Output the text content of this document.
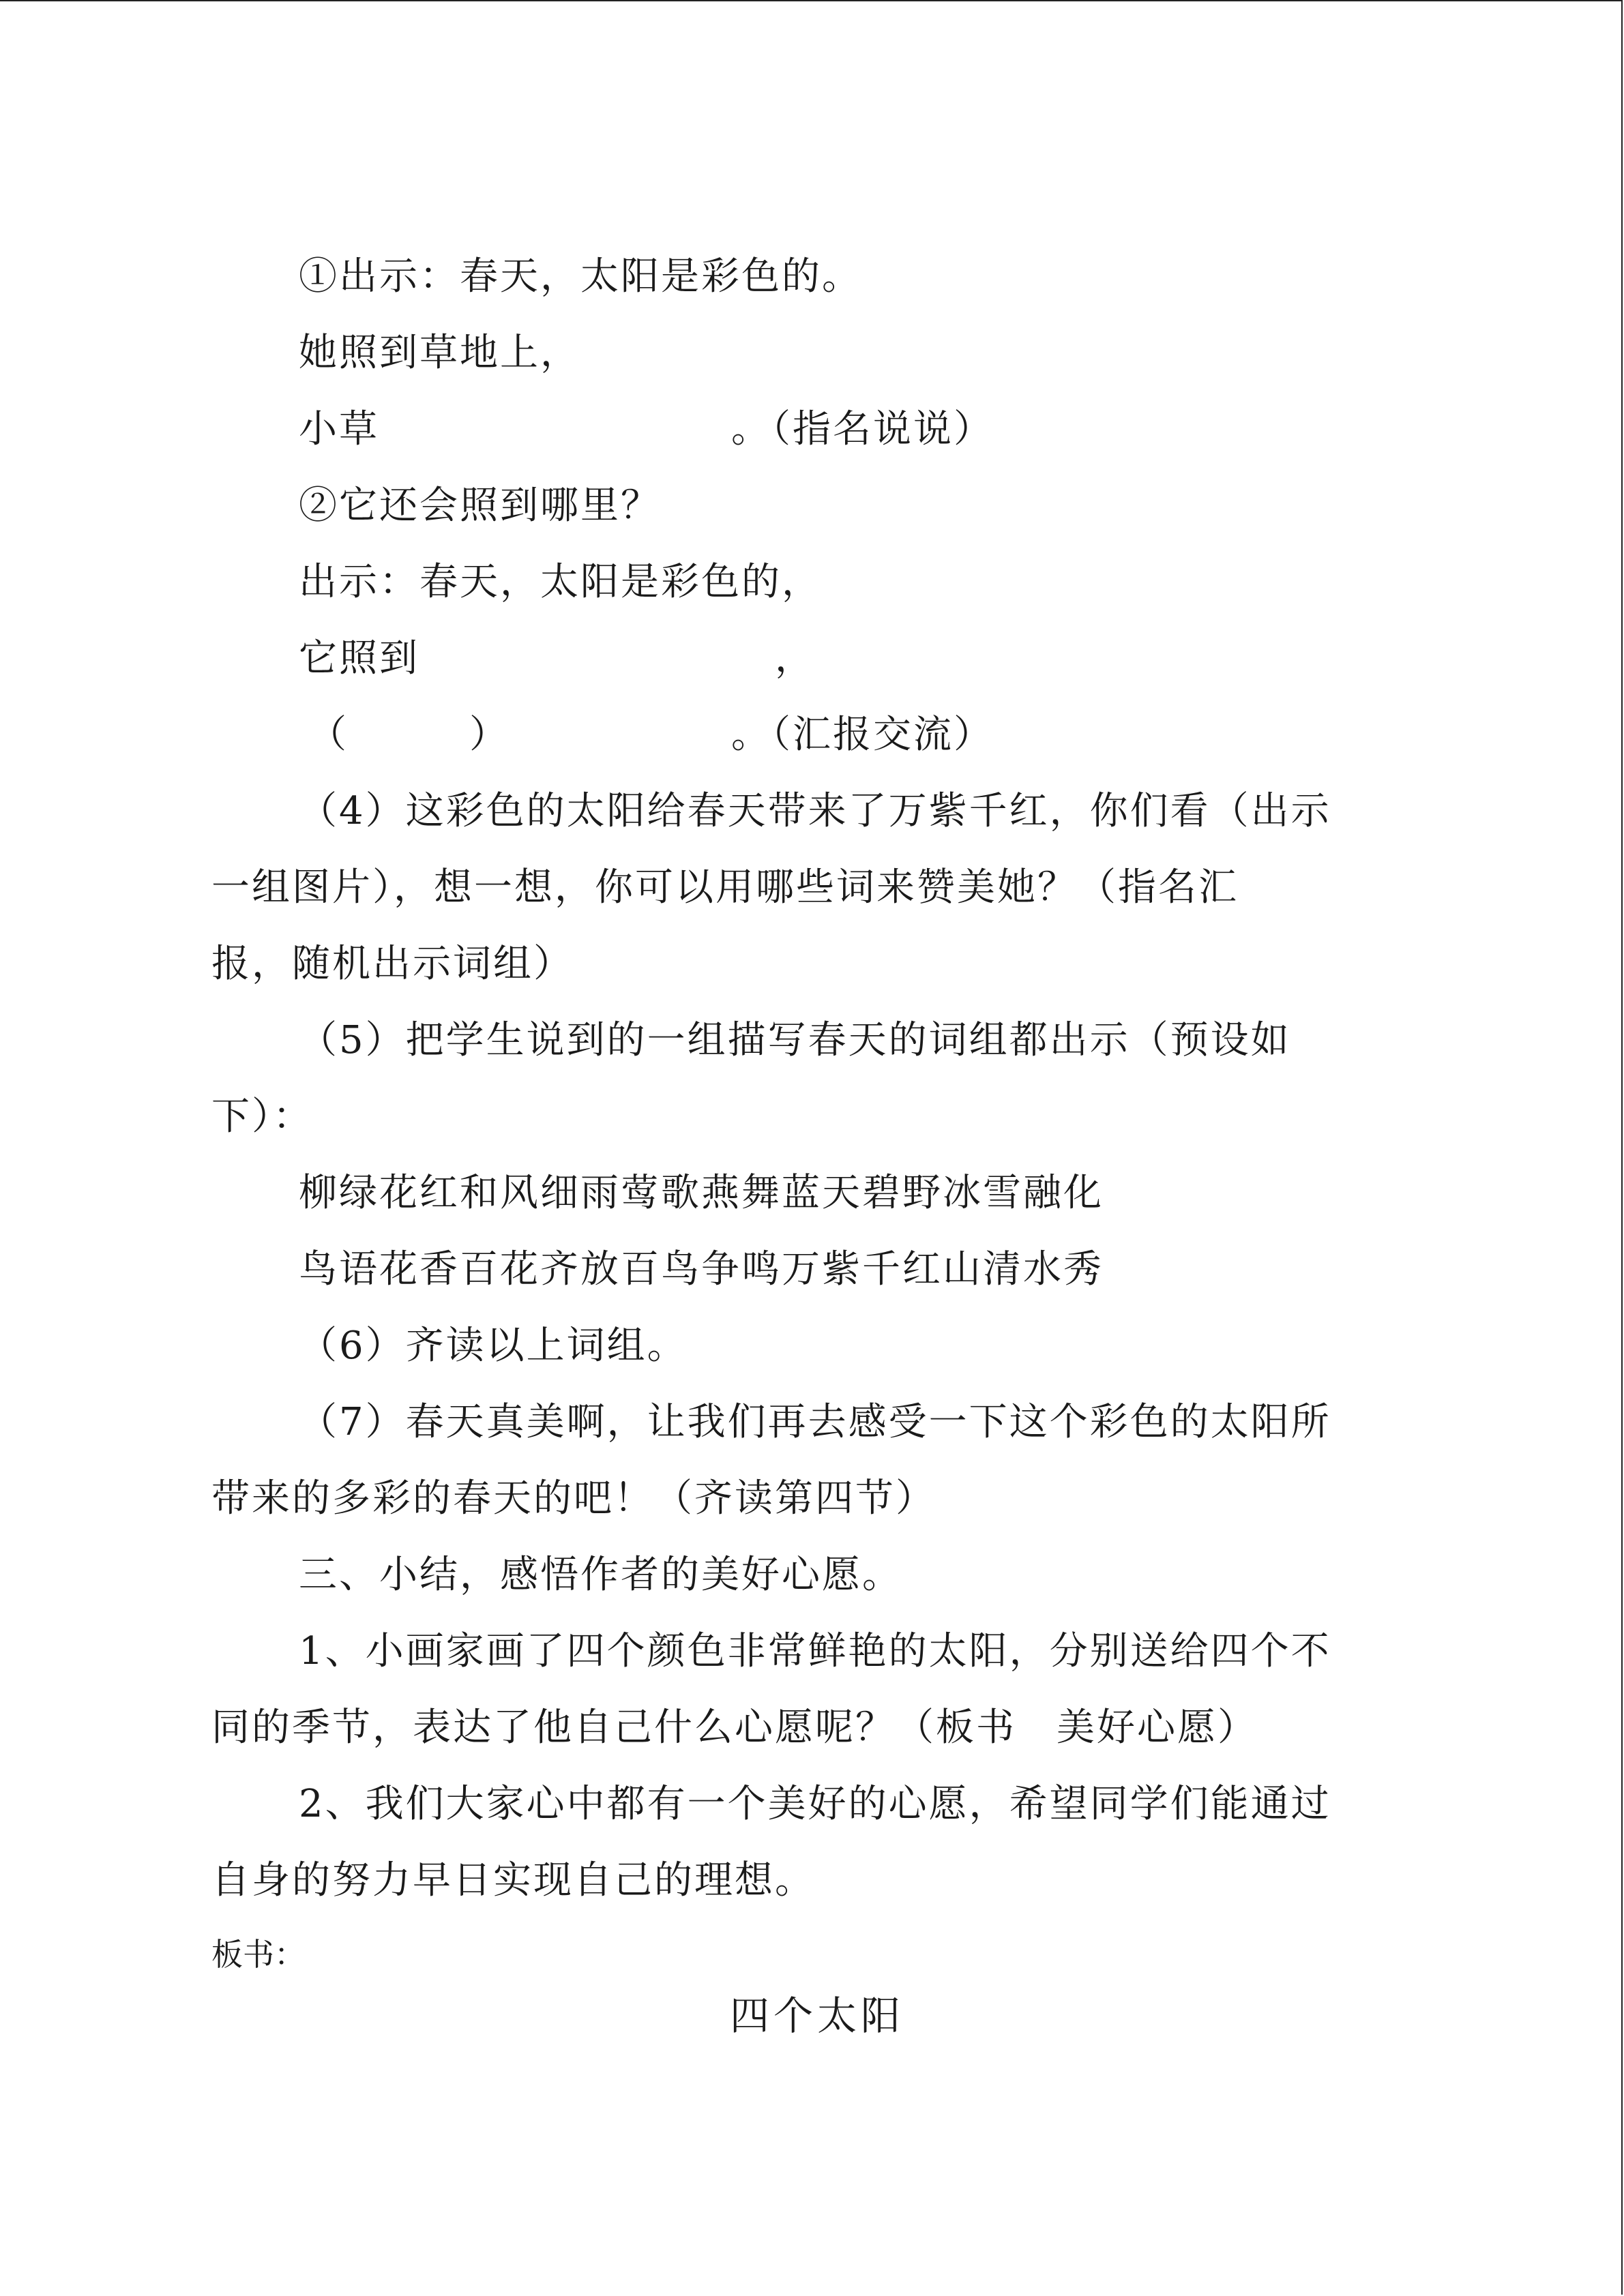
①出示：春天，太阳是彩色的。
她照到草地上，
小草	。（指名说说）
②它还会照到哪里？
出示：春天，太阳是彩色的，
它照到	，
（	）	。（汇报交流）
（4）这彩色的太阳给春天带来了万紫千红，你们看（出示
一组图片），想一想，你可以用哪些词来赞美她？（指名汇
报，随机出示词组）
（5）把学生说到的一组描写春天的词组都出示（预设如
下）：
柳绿花红和风细雨莺歌燕舞蓝天碧野冰雪融化
鸟语花香百花齐放百鸟争鸣万紫千红山清水秀
（6）齐读以上词组。
（7）春天真美啊，让我们再去感受一下这个彩色的太阳所
带来的多彩的春天的吧！（齐读第四节）
三、小结，感悟作者的美好心愿。
1、小画家画了四个颜色非常鲜艳的太阳，分别送给四个不
同的季节，表达了他自己什么心愿呢？（板书　美好心愿）
2、我们大家心中都有一个美好的心愿，希望同学们能通过
自身的努力早日实现自己的理想。
板书：
四个太阳
